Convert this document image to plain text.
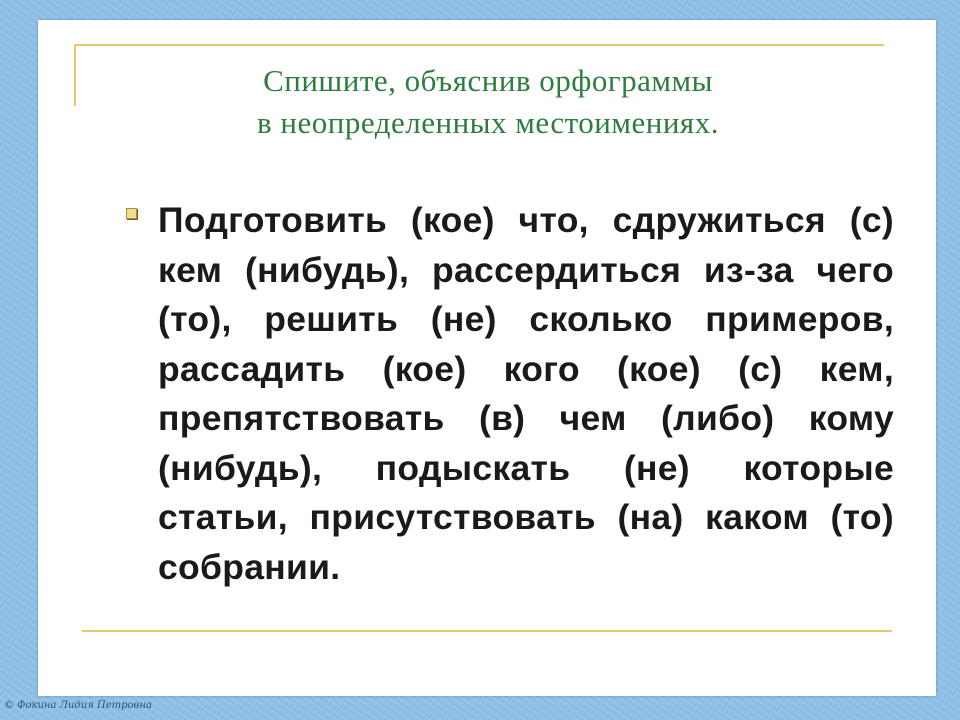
Спишите, объяснив орфограммы
в неопределенных местоимениях.

Подготовить (кое) что, сдружиться (с) кем (нибудь), рассердиться из-за чего (то), решить (не) сколько примеров, рассадить (кое) кого (кое) (с) кем, препятствовать (в) чем (либо) кому (нибудь), подыскать (не) которые статьи, присутствовать (на) каком (то) собрании.

© Фокина Лидия Петровна
